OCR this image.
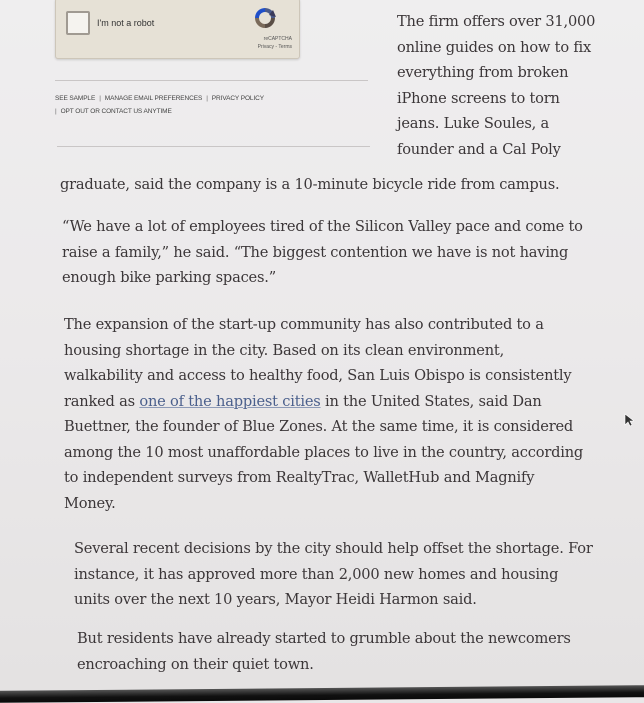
I'm not a robot
reCAPTCHA
Privacy - Terms
SEE SAMPLE | MANAGE EMAIL PREFERENCES | PRIVACY POLICY
| OPT OUT OR CONTACT US ANYTIME
The firm offers over 31,000
online guides on how to fix
everything from broken
iPhone screens to torn
jeans. Luke Soules, a
founder and a Cal Poly

graduate, said the company is a 10-minute bicycle ride from campus.

“We have a lot of employees tired of the Silicon Valley pace and come to
raise a family,” he said. “The biggest contention we have is not having
enough bike parking spaces.”

The expansion of the start-up community has also contributed to a
housing shortage in the city. Based on its clean environment,
walkability and access to healthy food, San Luis Obispo is consistently
ranked as one of the happiest cities in the United States, said Dan
Buettner, the founder of Blue Zones. At the same time, it is considered
among the 10 most unaffordable places to live in the country, according
to independent surveys from RealtyTrac, WalletHub and Magnify
Money.

Several recent decisions by the city should help offset the shortage. For
instance, it has approved more than 2,000 new homes and housing
units over the next 10 years, Mayor Heidi Harmon said.

But residents have already started to grumble about the newcomers
encroaching on their quiet town.
